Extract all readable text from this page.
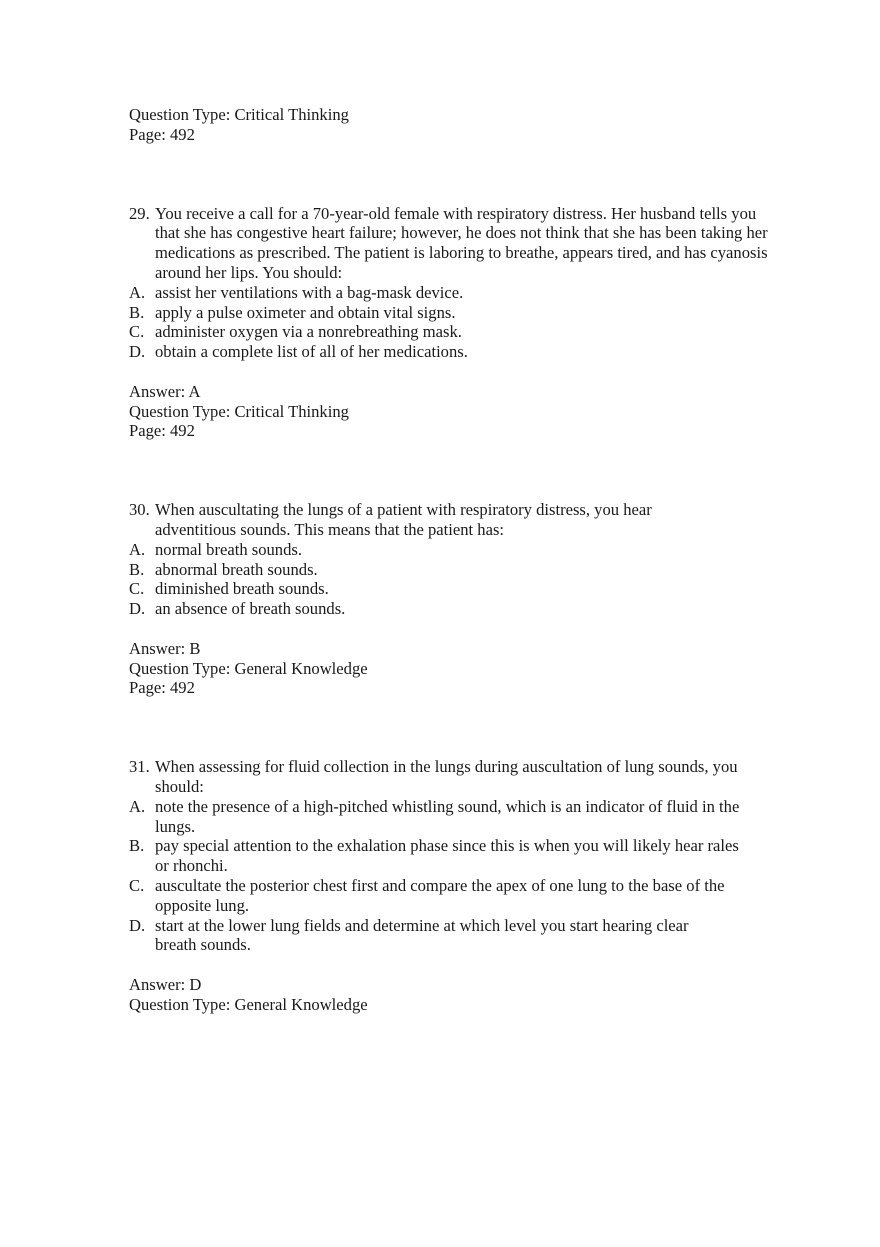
Question Type: Critical Thinking

Page: 492

29. You receive a call for a 70-year-old female with respiratory distress. Her husband tells you that she has congestive heart failure; however, he does not think that she has been taking her medications as prescribed. The patient is laboring to breathe, appears tired, and has cyanosis around her lips. You should:
A. assist her ventilations with a bag-mask device.
B. apply a pulse oximeter and obtain vital signs.
C. administer oxygen via a nonrebreathing mask.
D. obtain a complete list of all of her medications.

Answer: A

Question Type: Critical Thinking

Page: 492

30. When auscultating the lungs of a patient with respiratory distress, you hear adventitious sounds. This means that the patient has:
A. normal breath sounds.
B. abnormal breath sounds.
C. diminished breath sounds.
D. an absence of breath sounds.

Answer: B

Question Type: General Knowledge

Page: 492

31. When assessing for fluid collection in the lungs during auscultation of lung sounds, you should:
A. note the presence of a high-pitched whistling sound, which is an indicator of fluid in the lungs.
B. pay special attention to the exhalation phase since this is when you will likely hear rales or rhonchi.
C. auscultate the posterior chest first and compare the apex of one lung to the base of the opposite lung.
D. start at the lower lung fields and determine at which level you start hearing clear breath sounds.

Answer: D

Question Type: General Knowledge
